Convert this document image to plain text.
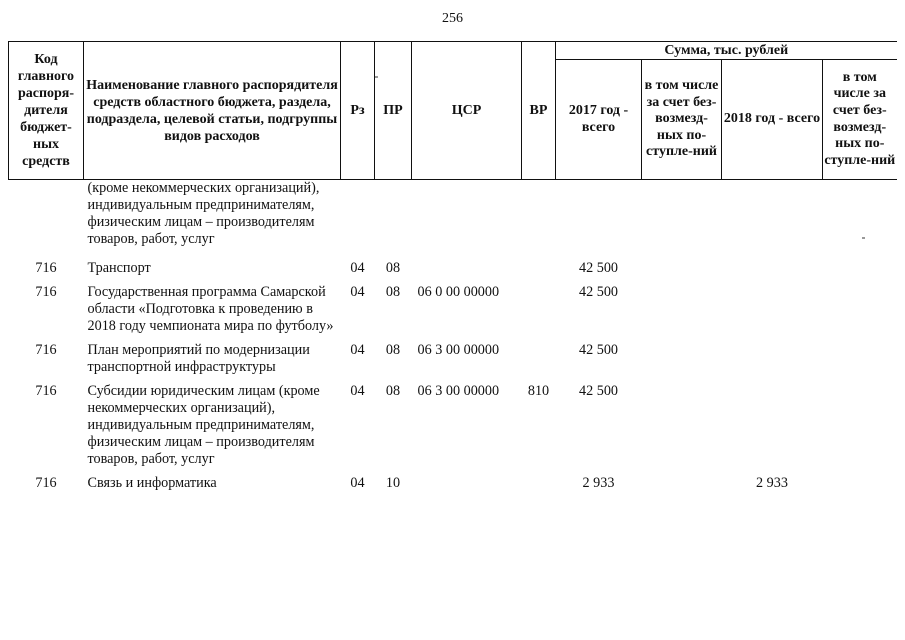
256
Код главного распоря-дителя бюджет-ных средств	Наименование главного распорядителя средств областного бюджета, раздела, подраздела, целевой статьи, подгруппы видов расходов	Рз	ПР	ЦСР	ВР	Сумма, тыс. рублей			
						2017 год - всего	в том числе за счет без-возмезд-ных по-ступле-ний	2018 год - всего	в том числе за счет без-возмезд-ных по-ступле-ний
	(кроме некоммерческих организаций), индивидуальным предпринимателям, физическим лицам – производителям товаров, работ, услуг								
716	Транспорт	04	08			42 500			
716	Государственная программа Самарской области «Подготовка к проведению в 2018 году чемпионата мира по футболу»	04	08	06 0 00 00000		42 500			
716	План мероприятий по модернизации транспортной инфраструктуры	04	08	06 3 00 00000		42 500			
716	Субсидии юридическим лицам (кроме некоммерческих организаций), индивидуальным предпринимателям, физическим лицам – производителям товаров, работ, услуг	04	08	06 3 00 00000	810	42 500			
716	Связь и информатика	04	10			2 933		2 933	
